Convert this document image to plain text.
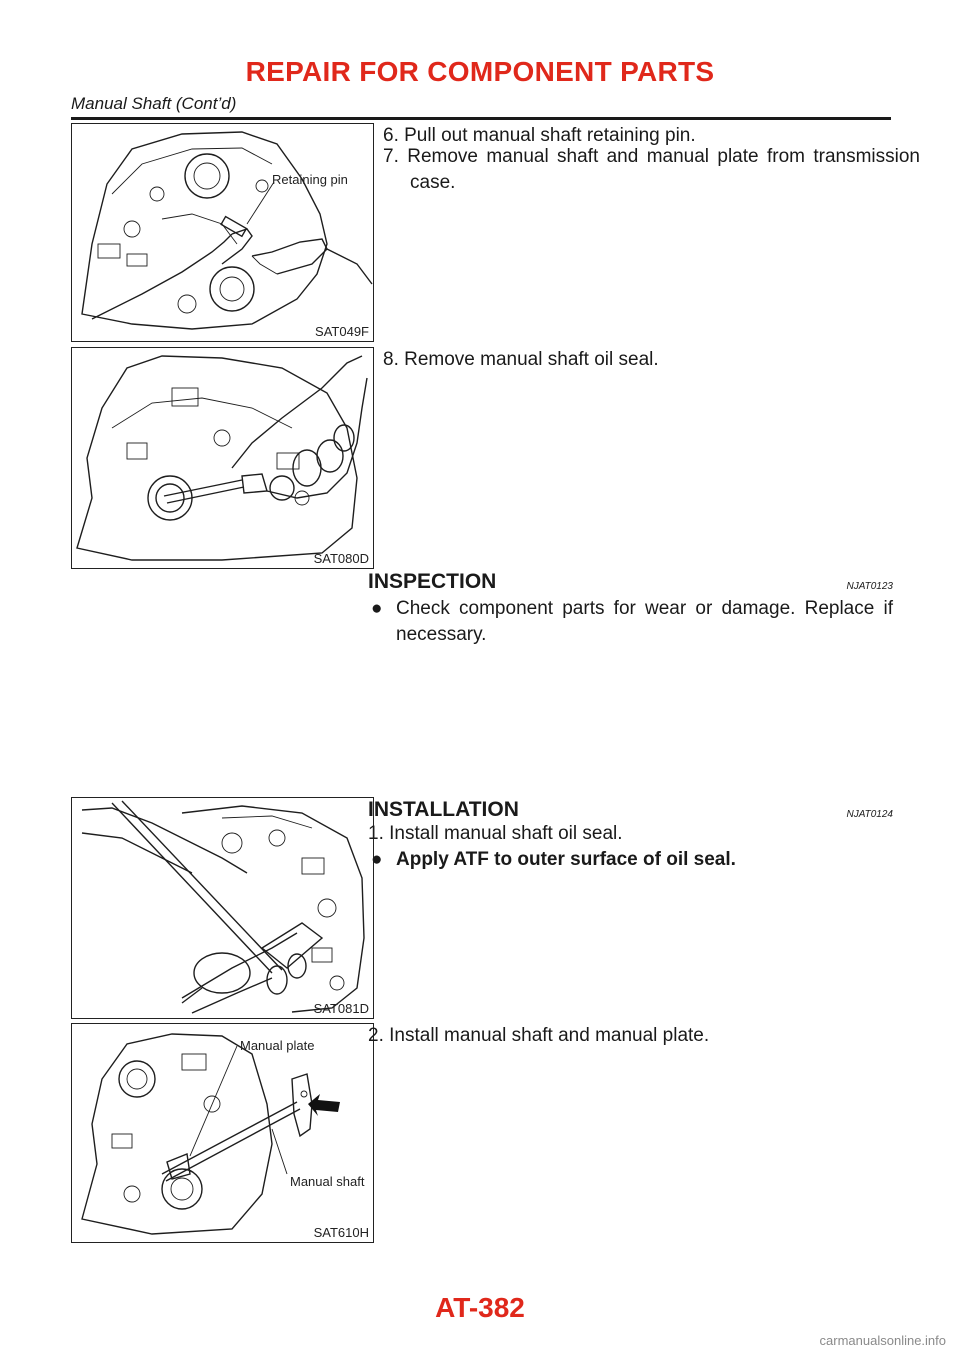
REPAIR FOR COMPONENT PARTS
Manual Shaft (Cont’d)
Retaining pin
SAT049F
SAT080D
SAT081D
Manual plate
Manual shaft
SAT610H
6. Pull out manual shaft retaining pin.
7. Remove manual shaft and manual plate from transmission case.
8. Remove manual shaft oil seal.
INSPECTION	NJAT0123
● Check component parts for wear or damage. Replace if necessary.
INSTALLATION	NJAT0124
1. Install manual shaft oil seal.
● Apply ATF to outer surface of oil seal.
2. Install manual shaft and manual plate.
AT-382
carmanualsonline.info
